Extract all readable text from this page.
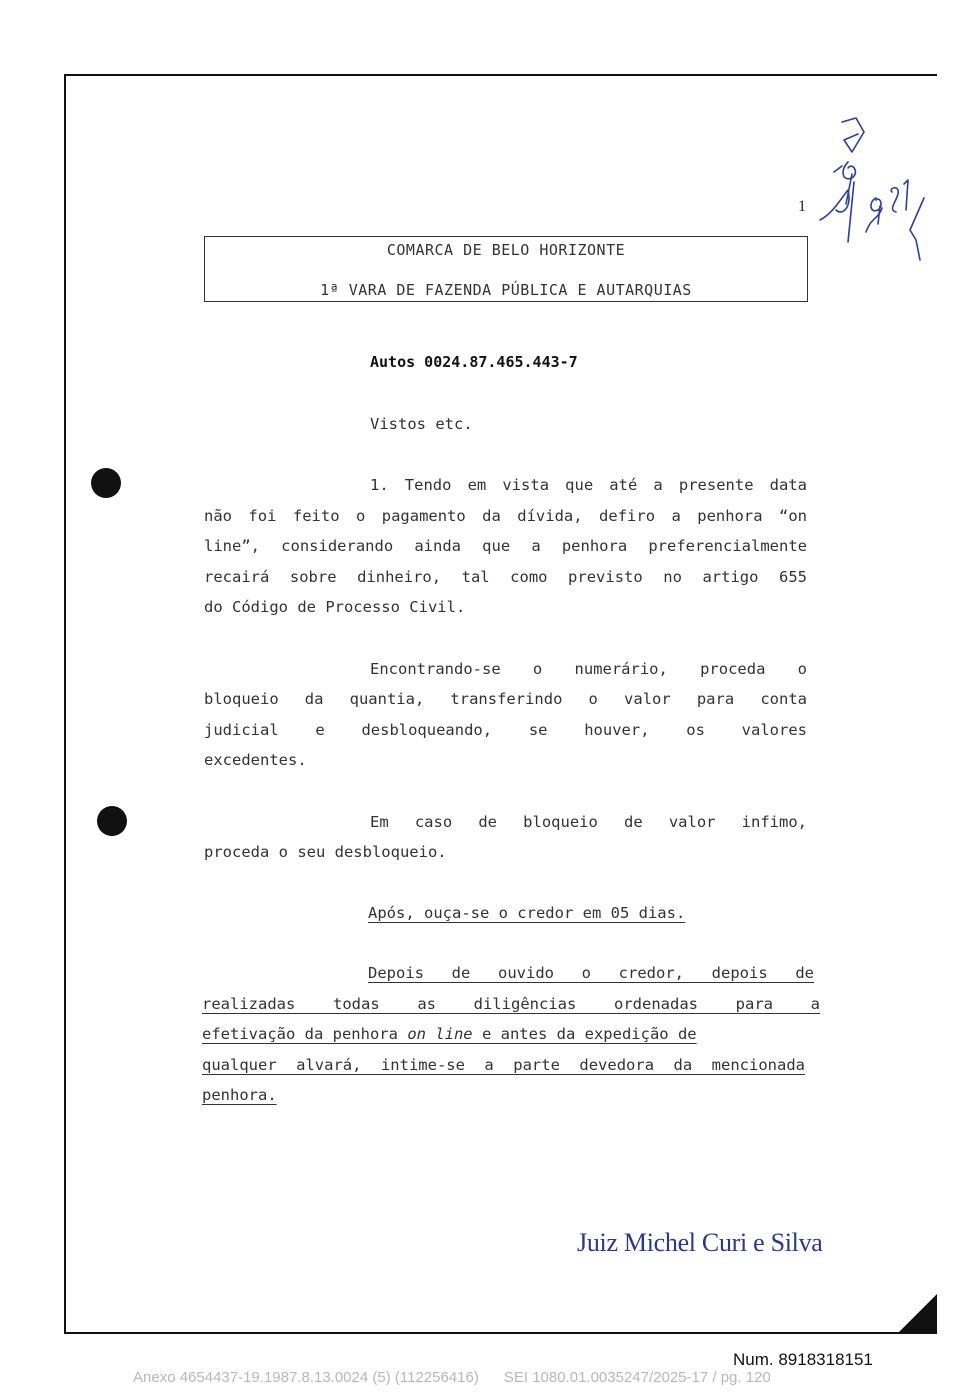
1
COMARCA DE BELO HORIZONTE
1ª VARA DE FAZENDA PÚBLICA E AUTARQUIAS
Autos 0024.87.465.443-7
Vistos etc.
1. Tendo em vista que até a presente data
não foi feito o pagamento da dívida, defiro a penhora “on
line”, considerando ainda que a penhora preferencialmente
recairá sobre dinheiro, tal como previsto no artigo 655
do Código de Processo Civil.
Encontrando-se o numerário, proceda o
bloqueio da quantia, transferindo o valor para conta
judicial e desbloqueando, se houver, os valores
excedentes.
Em caso de bloqueio de valor infimo,
proceda o seu desbloqueio.
Após, ouça-se o credor em 05 dias.
Depois de ouvido o credor, depois de
realizadas todas as diligências ordenadas para a
efetivação da penhora on line e antes da expedição de
qualquer alvará, intime-se a parte devedora da mencionada
penhora.
Juiz Michel Curi e Silva
Num. 8918318151
Anexo 4654437-19.1987.8.13.0024 (5) (112256416) SEI 1080.01.0035247/2025-17 / pg. 120
